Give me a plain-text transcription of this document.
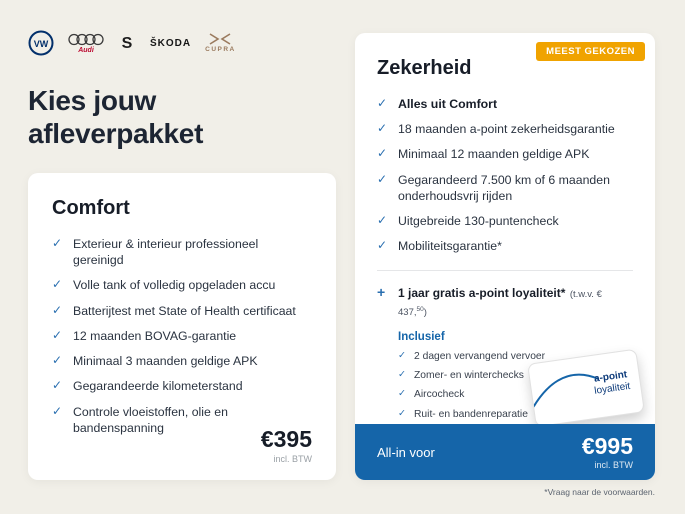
VW
Audi S ŠKODA
CUPRA
Kies jouw
afleverpakket
Comfort
✓ Exterieur & interieur professioneel gereinigd
✓ Volle tank of volledig opgeladen accu
✓ Batterijtest met State of Health certificaat
✓ 12 maanden BOVAG-garantie
✓ Minimaal 3 maanden geldige APK
✓ Gegarandeerde kilometerstand
✓ Controle vloeistoffen, olie en bandenspanning	€395
incl. BTW
MEEST GEKOZEN
Zekerheid
✓ Alles uit Comfort
✓ 18 maanden a-point zekerheidsgarantie
✓ Minimaal 12 maanden geldige APK
✓ Gegarandeerd 7.500 km of 6 maanden onderhoudsvrij rijden
✓ Uitgebreide 130-puntencheck
✓ Mobiliteitsgarantie*
+	1 jaar gratis a-point loyaliteit* (t.w.v. € 437,50)
Inclusief
✓ 2 dagen vervangend vervoer
✓ Zomer- en winterchecks
✓ Aircocheck
✓ Ruit- en bandenreparatie
a-point
loyaliteit
All-in voor	€995
incl. BTW
*Vraag naar de voorwaarden.
